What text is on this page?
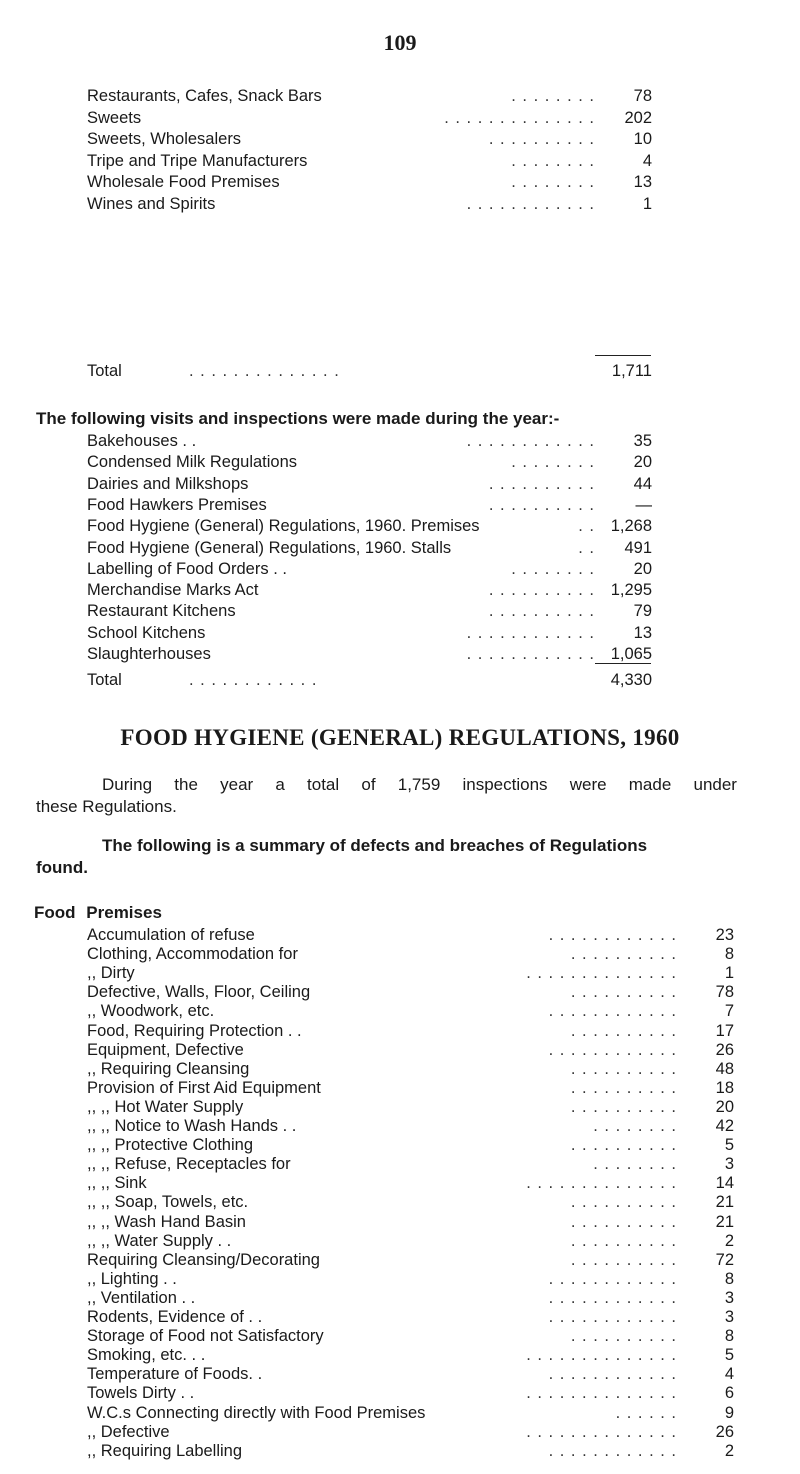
109
Restaurants, Cafes, Snack Bars	. . . . . . . . 78
Sweets	. . . . . . . . . . . . . . 202
Sweets, Wholesalers	. . . . . . . . . . 10
Tripe and Tripe Manufacturers	. . . . . . . .	4
Wholesale Food Premises	. . . . . . . . 13
Wines and Spirits	. . . . . . . . . . . .	1
Total	. . . . . . . . . . . . . .	1,711
The following visits and inspections were made during the year:-
Bakehouses . .	. . . . . . . . . . . . 35
Condensed Milk Regulations	. . . . . . . . 20
Dairies and Milkshops	. . . . . . . . . . 44
Food Hawkers Premises	. . . . . . . . . . —
Food Hygiene (General) Regulations, 1960. Premises	. . 1,268
Food Hygiene (General) Regulations, 1960. Stalls	. . 491
Labelling of Food Orders . .	. . . . . . . . 20
Merchandise Marks Act	. . . . . . . . . . 1,295
Restaurant Kitchens	. . . . . . . . . . 79
School Kitchens	. . . . . . . . . . . . 13
Slaughterhouses	. . . . . . . . . . . . 1,065
Total	. . . . . . . . . . . .	4,330
FOOD HYGIENE (GENERAL) REGULATIONS, 1960
During the year a total of 1,759 inspections were made under
these Regulations.
The following is a summary of defects and breaches of Regulations
found.
Food Premises
Accumulation of refuse	. . . . . . . . . . . . 23
Clothing, Accommodation for	. . . . . . . . . .	8
,, Dirty	. . . . . . . . . . . . . .	1
Defective, Walls, Floor, Ceiling	. . . . . . . . . . 78
,, Woodwork, etc.	. . . . . . . . . . . .	7
Food, Requiring Protection . .	. . . . . . . . . . 17
Equipment, Defective	. . . . . . . . . . . . 26
,, Requiring Cleansing	. . . . . . . . . . 48
Provision of First Aid Equipment	. . . . . . . . . . 18
,, ,, Hot Water Supply	. . . . . . . . . . 20
,, ,, Notice to Wash Hands . .	. . . . . . . . 42
,, ,, Protective Clothing	. . . . . . . . . .	5
,, ,, Refuse, Receptacles for	. . . . . . . .	3
,, ,, Sink	. . . . . . . . . . . . . . 14
,, ,, Soap, Towels, etc.	. . . . . . . . . . 21
,, ,, Wash Hand Basin	. . . . . . . . . . 21
,, ,, Water Supply . .	. . . . . . . . . .	2
Requiring Cleansing/Decorating	. . . . . . . . . . 72
,, Lighting . .	. . . . . . . . . . . .	8
,, Ventilation . .	. . . . . . . . . . . .	3
Rodents, Evidence of . .	. . . . . . . . . . . .	3
Storage of Food not Satisfactory	. . . . . . . . . .	8
Smoking, etc. . .	. . . . . . . . . . . . . .	5
Temperature of Foods. .	. . . . . . . . . . . .	4
Towels Dirty . .	. . . . . . . . . . . . . .	6
W.C.s Connecting directly with Food Premises	. . . . . .	9
,, Defective	. . . . . . . . . . . . . . 26
,, Requiring Labelling	. . . . . . . . . . . .	2
